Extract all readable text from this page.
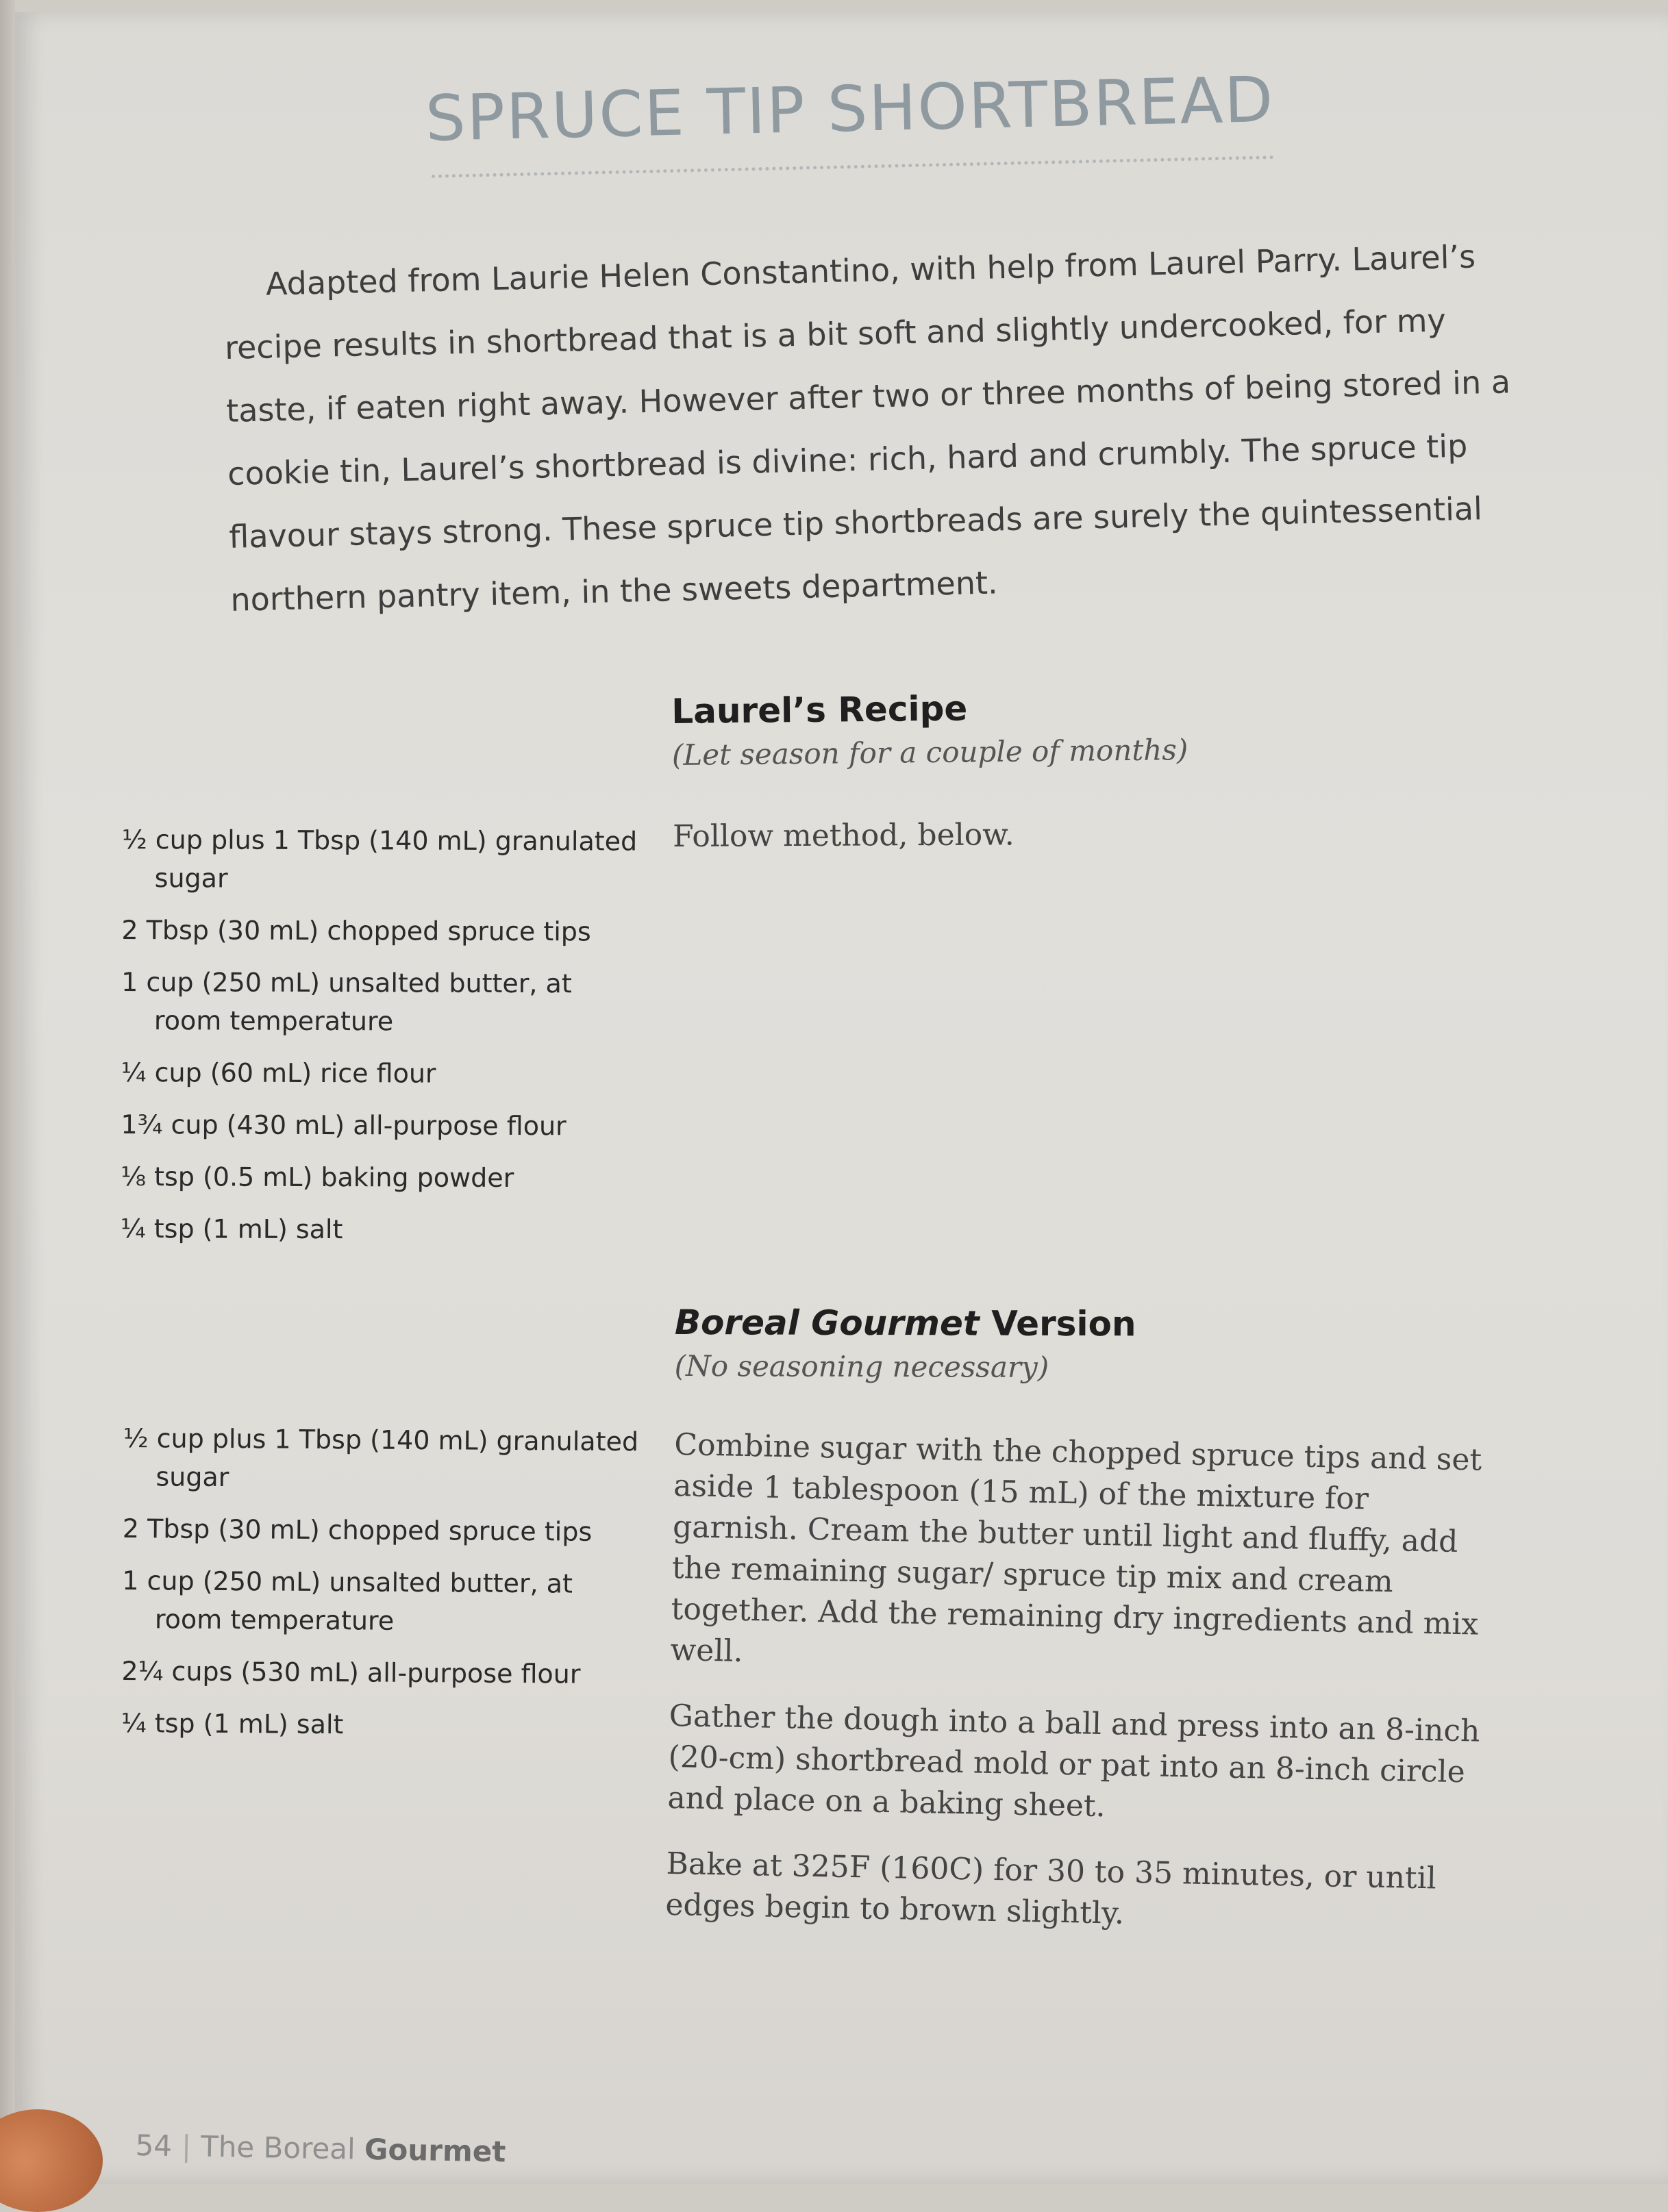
SPRUCE TIP SHORTBREAD

Adapted from Laurie Helen Constantino, with help from Laurel Parry. Laurel’s recipe results in shortbread that is a bit soft and slightly undercooked, for my taste, if eaten right away. However after two or three months of being stored in a cookie tin, Laurel’s shortbread is divine: rich, hard and crumbly. The spruce tip flavour stays strong. These spruce tip shortbreads are surely the quintessential northern pantry item, in the sweets department.

Laurel’s Recipe
(Let season for a couple of months)

Follow method, below.

½ cup plus 1 Tbsp (140 mL) granulated sugar
2 Tbsp (30 mL) chopped spruce tips
1 cup (250 mL) unsalted butter, at room temperature
¼ cup (60 mL) rice flour
1¾ cup (430 mL) all-purpose flour
⅛ tsp (0.5 mL) baking powder
¼ tsp (1 mL) salt
Boreal Gourmet Version
(No seasoning necessary)
½ cup plus 1 Tbsp (140 mL) granulated sugar
2 Tbsp (30 mL) chopped spruce tips
1 cup (250 mL) unsalted butter, at room temperature
2¼ cups (530 mL) all-purpose flour
¼ tsp (1 mL) salt

Combine sugar with the chopped spruce tips and set aside 1 tablespoon (15 mL) of the mixture for garnish. Cream the butter until light and fluffy, add the remaining sugar/ spruce tip mix and cream together. Add the remaining dry ingredients and mix well.

Gather the dough into a ball and press into an 8-inch (20-cm) shortbread mold or pat into an 8-inch circle and place on a baking sheet.

Bake at 325F (160C) for 30 to 35 minutes, or until edges begin to brown slightly.

54 | The Boreal Gourmet
